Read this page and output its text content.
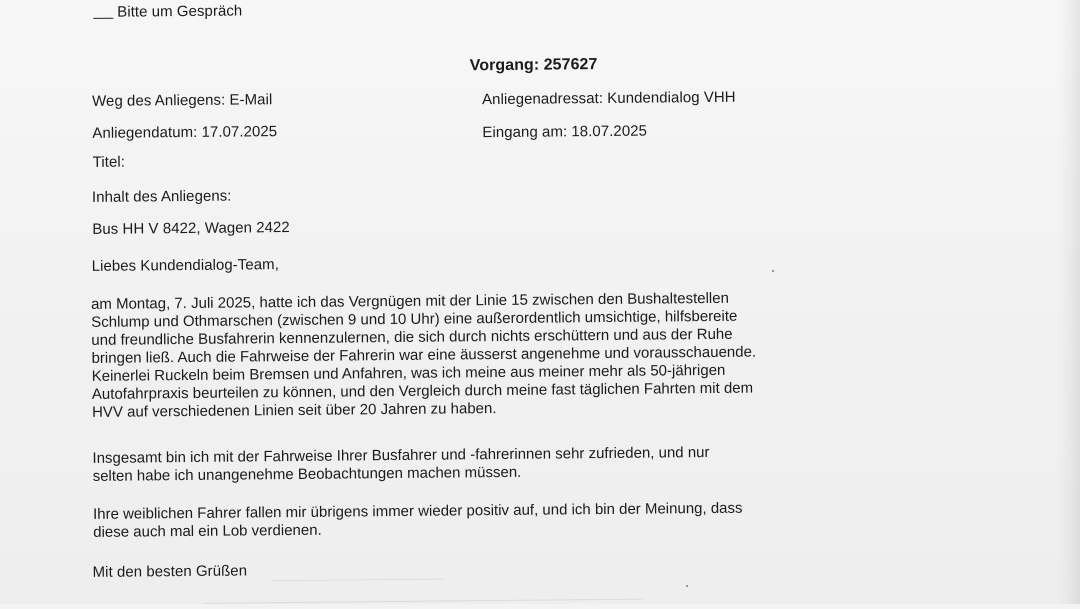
Bitte um Gespräch
Vorgang: 257627
Weg des Anliegens: E-Mail	Anliegenadressat: Kundendialog VHH
Anliegendatum: 17.07.2025	Eingang am: 18.07.2025
Titel:
Inhalt des Anliegens:
Bus HH V 8422, Wagen 2422
Liebes Kundendialog-Team,
am Montag, 7. Juli 2025, hatte ich das Vergnügen mit der Linie 15 zwischen den Bushaltestellen
Schlump und Othmarschen (zwischen 9 und 10 Uhr) eine außerordentlich umsichtige, hilfsbereite
und freundliche Busfahrerin kennenzulernen, die sich durch nichts erschüttern und aus der Ruhe
bringen ließ. Auch die Fahrweise der Fahrerin war eine äusserst angenehme und vorausschauende.
Keinerlei Ruckeln beim Bremsen und Anfahren, was ich meine aus meiner mehr als 50-jährigen
Autofahrpraxis beurteilen zu können, und den Vergleich durch meine fast täglichen Fahrten mit dem
HVV auf verschiedenen Linien seit über 20 Jahren zu haben.
Insgesamt bin ich mit der Fahrweise Ihrer Busfahrer und -fahrerinnen sehr zufrieden, und nur
selten habe ich unangenehme Beobachtungen machen müssen.
Ihre weiblichen Fahrer fallen mir übrigens immer wieder positiv auf, und ich bin der Meinung, dass
diese auch mal ein Lob verdienen.
Mit den besten Grüßen
